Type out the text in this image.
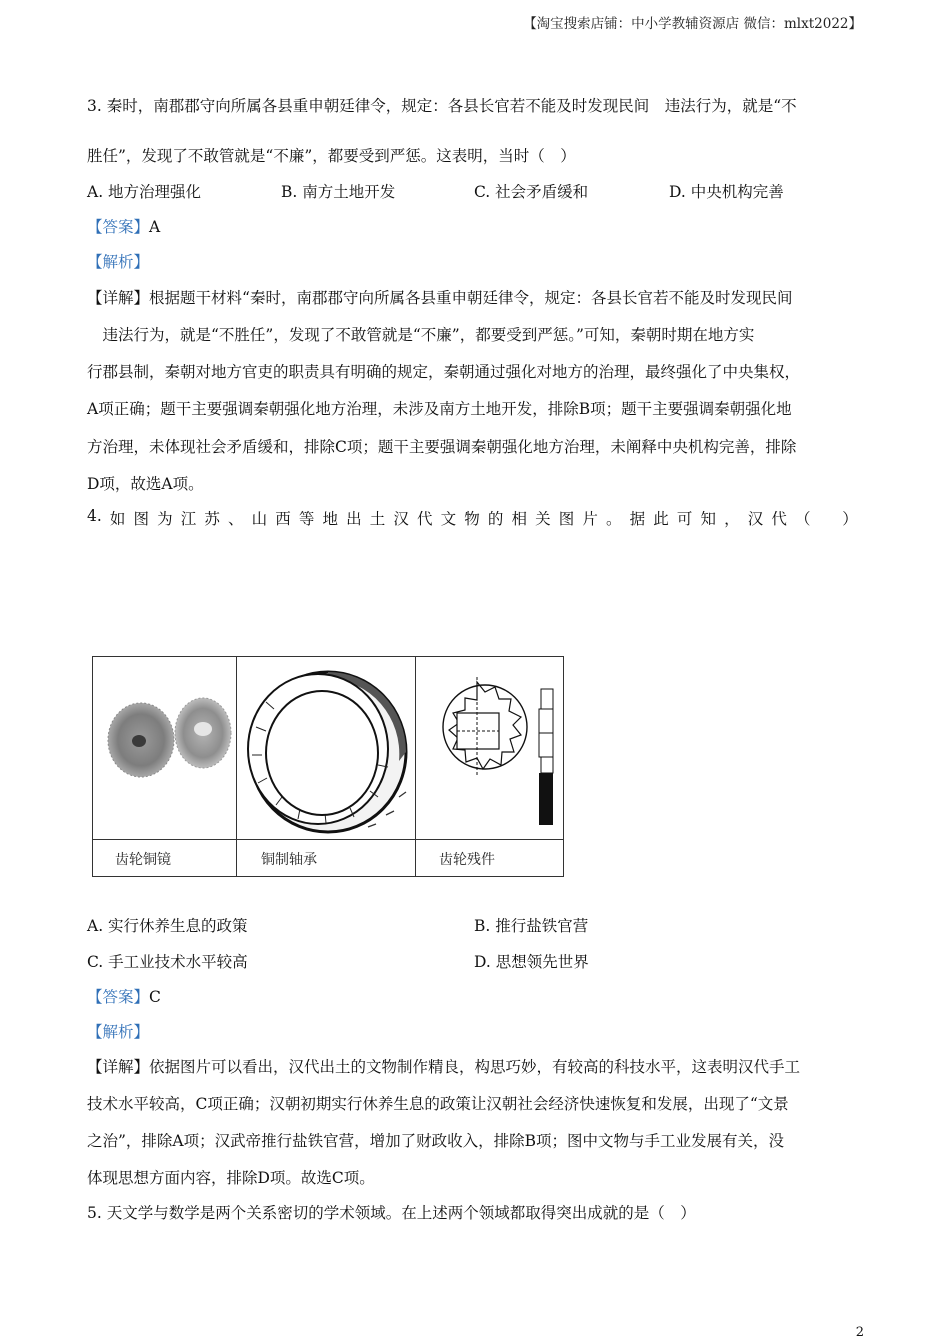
【淘宝搜索店铺：中小学教辅资源店 微信：mlxt2022】
3. 秦时，南郡郡守向所属各县重申朝廷律令，规定：各县长官若不能及时发现民间　违法行为，就是“不
胜任”，发现了不敢管就是“不廉”，都要受到严惩。这表明，当时（　）
A. 地方治理强化	B. 南方土地开发	C. 社会矛盾缓和	D. 中央机构完善
【答案】A
【解析】
【详解】根据题干材料“秦时，南郡郡守向所属各县重申朝廷律令，规定：各县长官若不能及时发现民间
　违法行为，就是“不胜任”，发现了不敢管就是“不廉”，都要受到严惩。”可知，秦朝时期在地方实
行郡县制，秦朝对地方官吏的职责具有明确的规定，秦朝通过强化对地方的治理，最终强化了中央集权，
A项正确；题干主要强调秦朝强化地方治理，未涉及南方土地开发，排除B项；题干主要强调秦朝强化地
方治理，未体现社会矛盾缓和，排除C项；题干主要强调秦朝强化地方治理，未阐释中央机构完善，排除
D项，故选A项。
4. 如 图 为 江 苏 、 山 西 等 地 出 土 汉 代 文 物 的 相 关 图 片 。 据 此 可 知 ， 汉 代 （
　 ）
齿轮铜镜	铜制轴承	齿轮残件
A. 实行休养生息的政策	B. 推行盐铁官营
C. 手工业技术水平较高	D. 思想领先世界
【答案】C
【解析】
【详解】依据图片可以看出，汉代出土的文物制作精良，构思巧妙，有较高的科技水平，这表明汉代手工
技术水平较高，C项正确；汉朝初期实行休养生息的政策让汉朝社会经济快速恢复和发展，出现了“文景
之治”，排除A项；汉武帝推行盐铁官营，增加了财政收入，排除B项；图中文物与手工业发展有关，没
体现思想方面内容，排除D项。故选C项。
5. 天文学与数学是两个关系密切的学术领域。在上述两个领域都取得突出成就的是（　）
2
